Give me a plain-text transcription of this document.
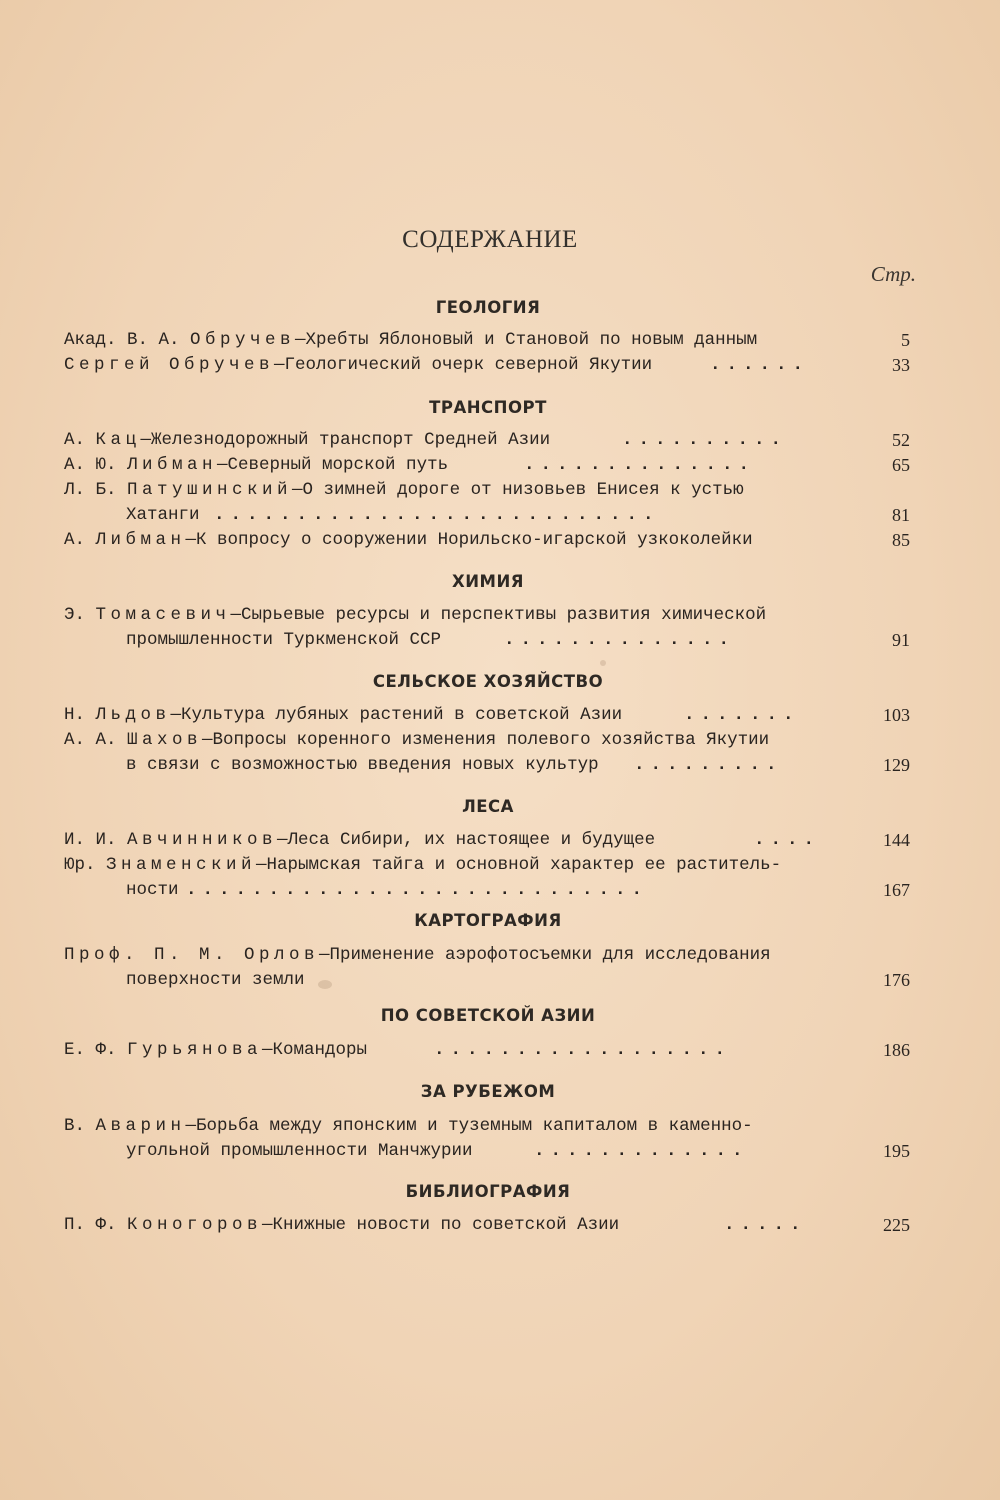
СОДЕРЖАНИЕ
Стр.
ГЕОЛОГИЯ
Акад. В. А. Обручев—Хребты Яблоновый и Становой по новым данным	5
Сергей Обручев—Геологический очерк северной Якутии	......	33
ТРАНСПОРТ
А. Кац—Железнодорожный транспорт Средней Азии	..........	52
А. Ю. Либман—Северный морской путь	..............	65
Л. Б. Патушинский—О зимней дороге от низовьев Енисея к устью
Хатанги ...........................	81
А. Либман—К вопросу о сооружении Норильско-игарской узкоколейки	85
ХИМИЯ
Э. Томасевич—Сырьевые ресурсы и перспективы развития химической
промышленности Туркменской ССР	..............	91
СЕЛЬСКОЕ ХОЗЯЙСТВО
Н. Льдов—Культура лубяных растений в советской Азии	.......	103
А. А. Шахов—Вопросы коренного изменения полевого хозяйства Якутии
в связи с возможностью введения новых культур .........	129
ЛЕСА
И. И. Авчинников—Леса Сибири, их настоящее и будущее	....	144
Юр. Знаменский—Нарымская тайга и основной характер ее раститель-
ности ............................	167
КАРТОГРАФИЯ
Проф. П. М. Орлов—Применение аэрофотосъемки для исследования
поверхности земли	176
ПО СОВЕТСКОЙ АЗИИ
Е. Ф. Гурьянова—Командоры	..................	186
ЗА РУБЕЖОМ
В. Аварин—Борьба между японским и туземным капиталом в каменно-
угольной промышленности Манчжурии	.............	195
БИБЛИОГРАФИЯ
П. Ф. Коногоров—Книжные новости по советской Азии	.....	225
